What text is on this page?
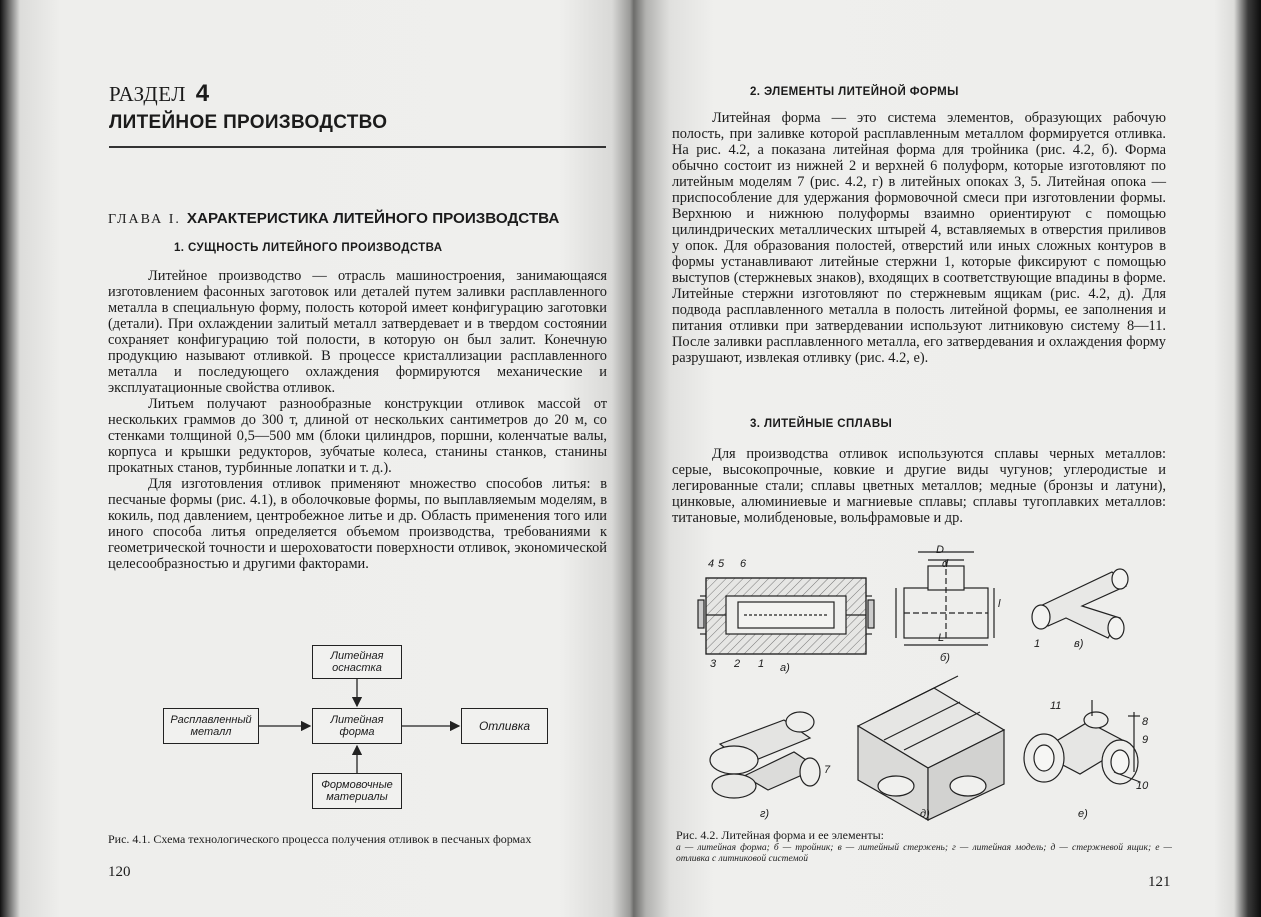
РАЗДЕЛ 4
ЛИТЕЙНОЕ ПРОИЗВОДСТВО
ГЛАВА I. ХАРАКТЕРИСТИКА ЛИТЕЙНОГО ПРОИЗВОДСТВА
1. СУЩНОСТЬ ЛИТЕЙНОГО ПРОИЗВОДСТВА

Литейное производство — отрасль машиностроения, занимающаяся изготовлением фасонных заготовок или деталей путем заливки расплавленного металла в специальную форму, полость которой имеет конфигурацию заготовки (детали). При охлаждении залитый металл затвердевает и в твердом состоянии сохраняет конфигурацию той полости, в которую он был залит. Конечную продукцию называют отливкой. В процессе кристаллизации расплавленного металла и последующего охлаждения формируются механические и эксплуатационные свойства отливок.

Литьем получают разнообразные конструкции отливок массой от нескольких граммов до 300 т, длиной от нескольких сантиметров до 20 м, со стенками толщиной 0,5—500 мм (блоки цилиндров, поршни, коленчатые валы, корпуса и крышки редукторов, зубчатые колеса, станины станков, станины прокатных станов, турбинные лопатки и т. д.).

Для изготовления отливок применяют множество способов литья: в песчаные формы (рис. 4.1), в оболочковые формы, по выплавляемым моделям, в кокиль, под давлением, центробежное литье и др. Область применения того или иного способа литья определяется объемом производства, требованиями к геометрической точности и шероховатости поверхности отливок, экономической целесообразностью и другими факторами.

Литейная оснастка
Расплавленный металл
Литейная форма	Отливка
Формовочные материалы
Рис. 4.1. Схема технологического процесса получения отливок в песчаных формах
120
2. ЭЛЕМЕНТЫ ЛИТЕЙНОЙ ФОРМЫ

Литейная форма — это система элементов, образующих рабочую полость, при заливке которой расплавленным металлом формируется отливка. На рис. 4.2, а показана литейная форма для тройника (рис. 4.2, б). Форма обычно состоит из нижней 2 и верхней 6 полуформ, которые изготовляют по литейным моделям 7 (рис. 4.2, г) в литейных опоках 3, 5. Литейная опока — приспособление для удержания формовочной смеси при изготовлении формы. Верхнюю и нижнюю полуформы взаимно ориентируют с помощью цилиндрических металлических штырей 4, вставляемых в отверстия приливов у опок. Для образования полостей, отверстий или иных сложных контуров в формы устанавливают литейные стержни 1, которые фиксируют с помощью выступов (стержневых знаков), входящих в соответствующие впадины в форме. Литейные стержни изготовляют по стержневым ящикам (рис. 4.2, д). Для подвода расплавленного металла в полость литейной формы, ее заполнения и питания отливки при затвердевании используют литниковую систему 8—11. После заливки расплавленного металла, его затвердевания и охлаждения форму разрушают, извлекая отливку (рис. 4.2, е).

3. ЛИТЕЙНЫЕ СПЛАВЫ

Для производства отливок используются сплавы черных металлов: серые, высокопрочные, ковкие и другие виды чугунов; углеродистые и легированные стали; сплавы цветных металлов; медные (бронзы и латуни), цинковые, алюминиевые и магниевые сплавы; сплавы тугоплавких металлов: титановые, молибденовые, вольфрамовые и др.

4 5 6
3 2 1 а)
D
d
L
l
б)
1	в)
7
г)	д)
11
8
9
10
е)
Рис. 4.2. Литейная форма и ее элементы:
а — литейная форма; б — тройник; в — литейный стержень; г — литейная модель; д — стержневой ящик; е — отливка с литниковой системой
121
